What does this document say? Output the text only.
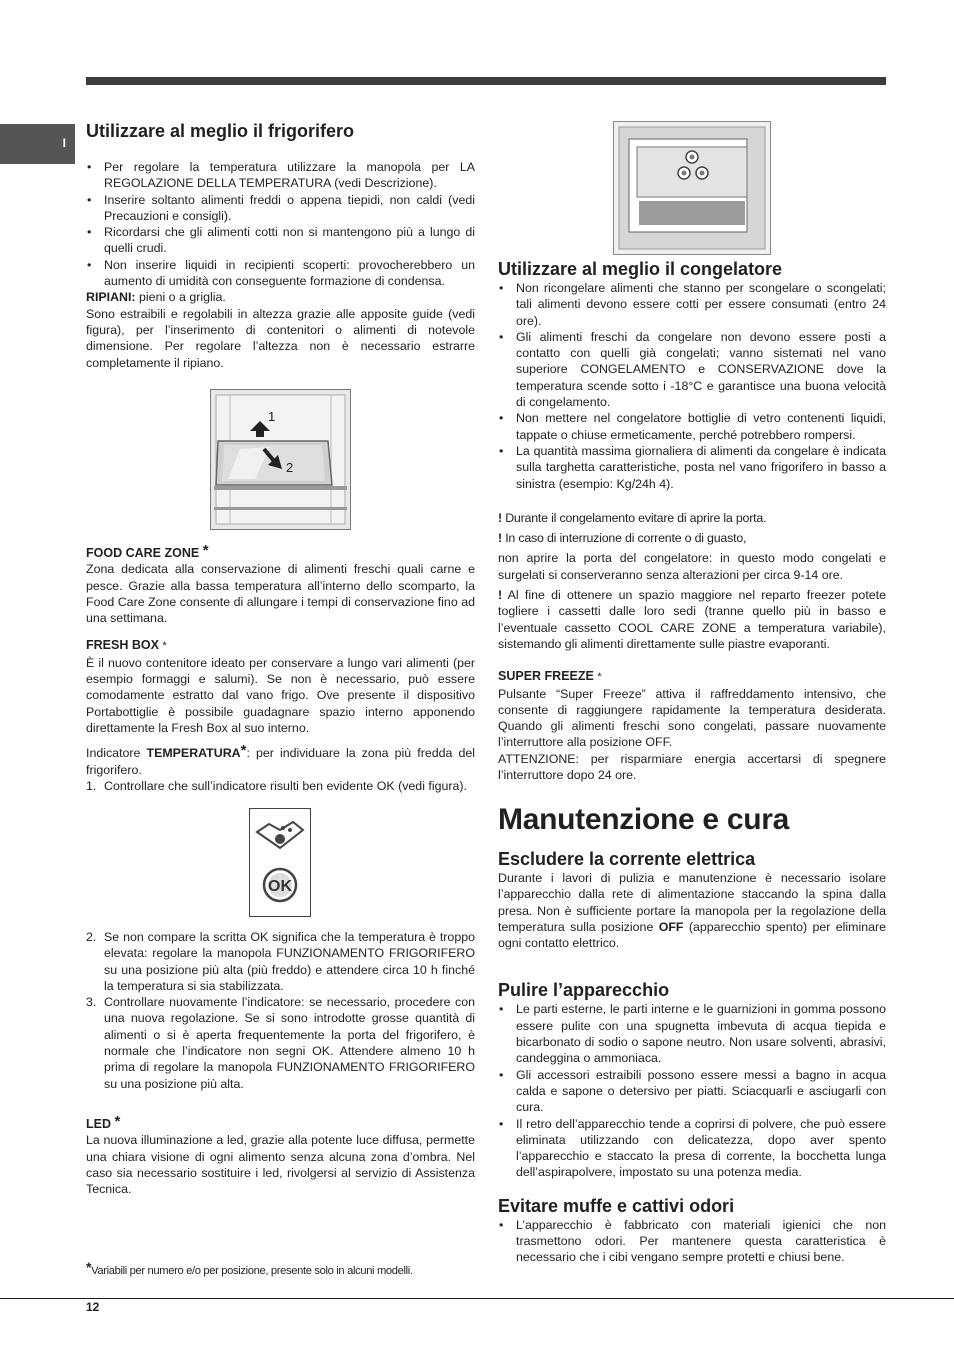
I
Utilizzare al meglio il frigorifero
• Per regolare la temperatura utilizzare la manopola per LA REGOLAZIONE DELLA TEMPERATURA (vedi Descrizione).
• Inserire soltanto alimenti freddi o appena tiepidi, non caldi (vedi Precauzioni e consigli).
• Ricordarsi che gli alimenti cotti non si mantengono più a lungo di quelli crudi.
• Non inserire liquidi in recipienti scoperti: provocherebbero un aumento di umidità con conseguente formazione di condensa.

RIPIANI: pieni o a griglia.

Sono estraibili e regolabili in altezza grazie alle apposite guide (vedi figura), per l’inserimento di contenitori o alimenti di notevole dimensione. Per regolare l’altezza non è necessario estrarre completamente il ripiano.

1
2

FOOD CARE ZONE *

Zona dedicata alla conservazione di alimenti freschi quali carne e pesce. Grazie alla bassa temperatura all’interno dello scomparto, la Food Care Zone consente di allungare i tempi di conservazione fino ad una settimana.

FRESH BOX *

È il nuovo contenitore ideato per conservare a lungo vari alimenti (per esempio formaggi e salumi). Se non è necessario, può essere comodamente estratto dal vano frigo. Ove presente il dispositivo Portabottiglie è possibile guadagnare spazio interno apponendo direttamente la Fresh Box al suo interno.

Indicatore TEMPERATURA*: per individuare la zona più fredda del frigorifero.

1. Controllare che sull’indicatore risulti ben evidente OK (vedi figura).
OK
2. Se non compare la scritta OK significa che la temperatura è troppo elevata: regolare la manopola FUNZIONAMENTO FRIGORIFERO su una posizione più alta (più freddo) e attendere circa 10 h finché la temperatura si sia stabilizzata.
3. Controllare nuovamente l’indicatore: se necessario, procedere con una nuova regolazione. Se si sono introdotte grosse quantità di alimenti o si è aperta frequentemente la porta del frigorifero, è normale che l’indicatore non segni OK. Attendere almeno 10 h prima di regolare la manopola FUNZIONAMENTO FRIGORIFERO su una posizione più alta.

LED *

La nuova illuminazione a led, grazie alla potente luce diffusa, permette una chiara visione di ogni alimento senza alcuna zona d’ombra. Nel caso sia necessario sostituire i led, rivolgersi al servizio di Assistenza Tecnica.

*Variabili per numero e/o per posizione, presente solo in alcuni modelli.
Utilizzare al meglio il congelatore
• Non ricongelare alimenti che stanno per scongelare o scongelati; tali alimenti devono essere cotti per essere consumati (entro 24 ore).
• Gli alimenti freschi da congelare non devono essere posti a contatto con quelli già congelati; vanno sistemati nel vano superiore CONGELAMENTO e CONSERVAZIONE dove la temperatura scende sotto i -18°C e garantisce una buona velocità di congelamento.
• Non mettere nel congelatore bottiglie di vetro contenenti liquidi, tappate o chiuse ermeticamente, perché potrebbero rompersi.
• La quantità massima giornaliera di alimenti da congelare è indicata sulla targhetta caratteristiche, posta nel vano frigorifero in basso a sinistra (esempio: Kg/24h 4).

! Durante il congelamento evitare di aprire la porta.

! In caso di interruzione di corrente o di guasto,

non aprire la porta del congelatore: in questo modo congelati e surgelati si conserveranno senza alterazioni per circa 9-14 ore.

! Al fine di ottenere un spazio maggiore nel reparto freezer potete togliere i cassetti dalle loro sedi (tranne quello più in basso e l’eventuale cassetto COOL CARE ZONE a temperatura variabile), sistemando gli alimenti direttamente sulle piastre evaporanti.

SUPER FREEZE *

Pulsante “Super Freeze” attiva il raffreddamento intensivo, che consente di raggiungere rapidamente la temperatura desiderata. Quando gli alimenti freschi sono congelati, passare nuovamente l’interruttore alla posizione OFF.

ATTENZIONE: per risparmiare energia accertarsi di spegnere l’interruttore dopo 24 ore.

Manutenzione e cura
Escludere la corrente elettrica

Durante i lavori di pulizia e manutenzione è necessario isolare l’apparecchio dalla rete di alimentazione staccando la spina dalla presa. Non è sufficiente portare la manopola per la regolazione della temperatura sulla posizione OFF (apparecchio spento) per eliminare ogni contatto elettrico.

Pulire l’apparecchio
• Le parti esterne, le parti interne e le guarnizioni in gomma possono essere pulite con una spugnetta imbevuta di acqua tiepida e bicarbonato di sodio o sapone neutro. Non usare solventi, abrasivi, candeggina o ammoniaca.
• Gli accessori estraibili possono essere messi a bagno in acqua calda e sapone o detersivo per piatti. Sciacquarli e asciugarli con cura.
• Il retro dell’apparecchio tende a coprirsi di polvere, che può essere eliminata utilizzando con delicatezza, dopo aver spento l’apparecchio e staccato la presa di corrente, la bocchetta lunga dell’aspirapolvere, impostato su una potenza media.
Evitare muffe e cattivi odori
• L’apparecchio è fabbricato con materiali igienici che non trasmettono odori. Per mantenere questa caratteristica è necessario che i cibi vengano sempre protetti e chiusi bene.
12
